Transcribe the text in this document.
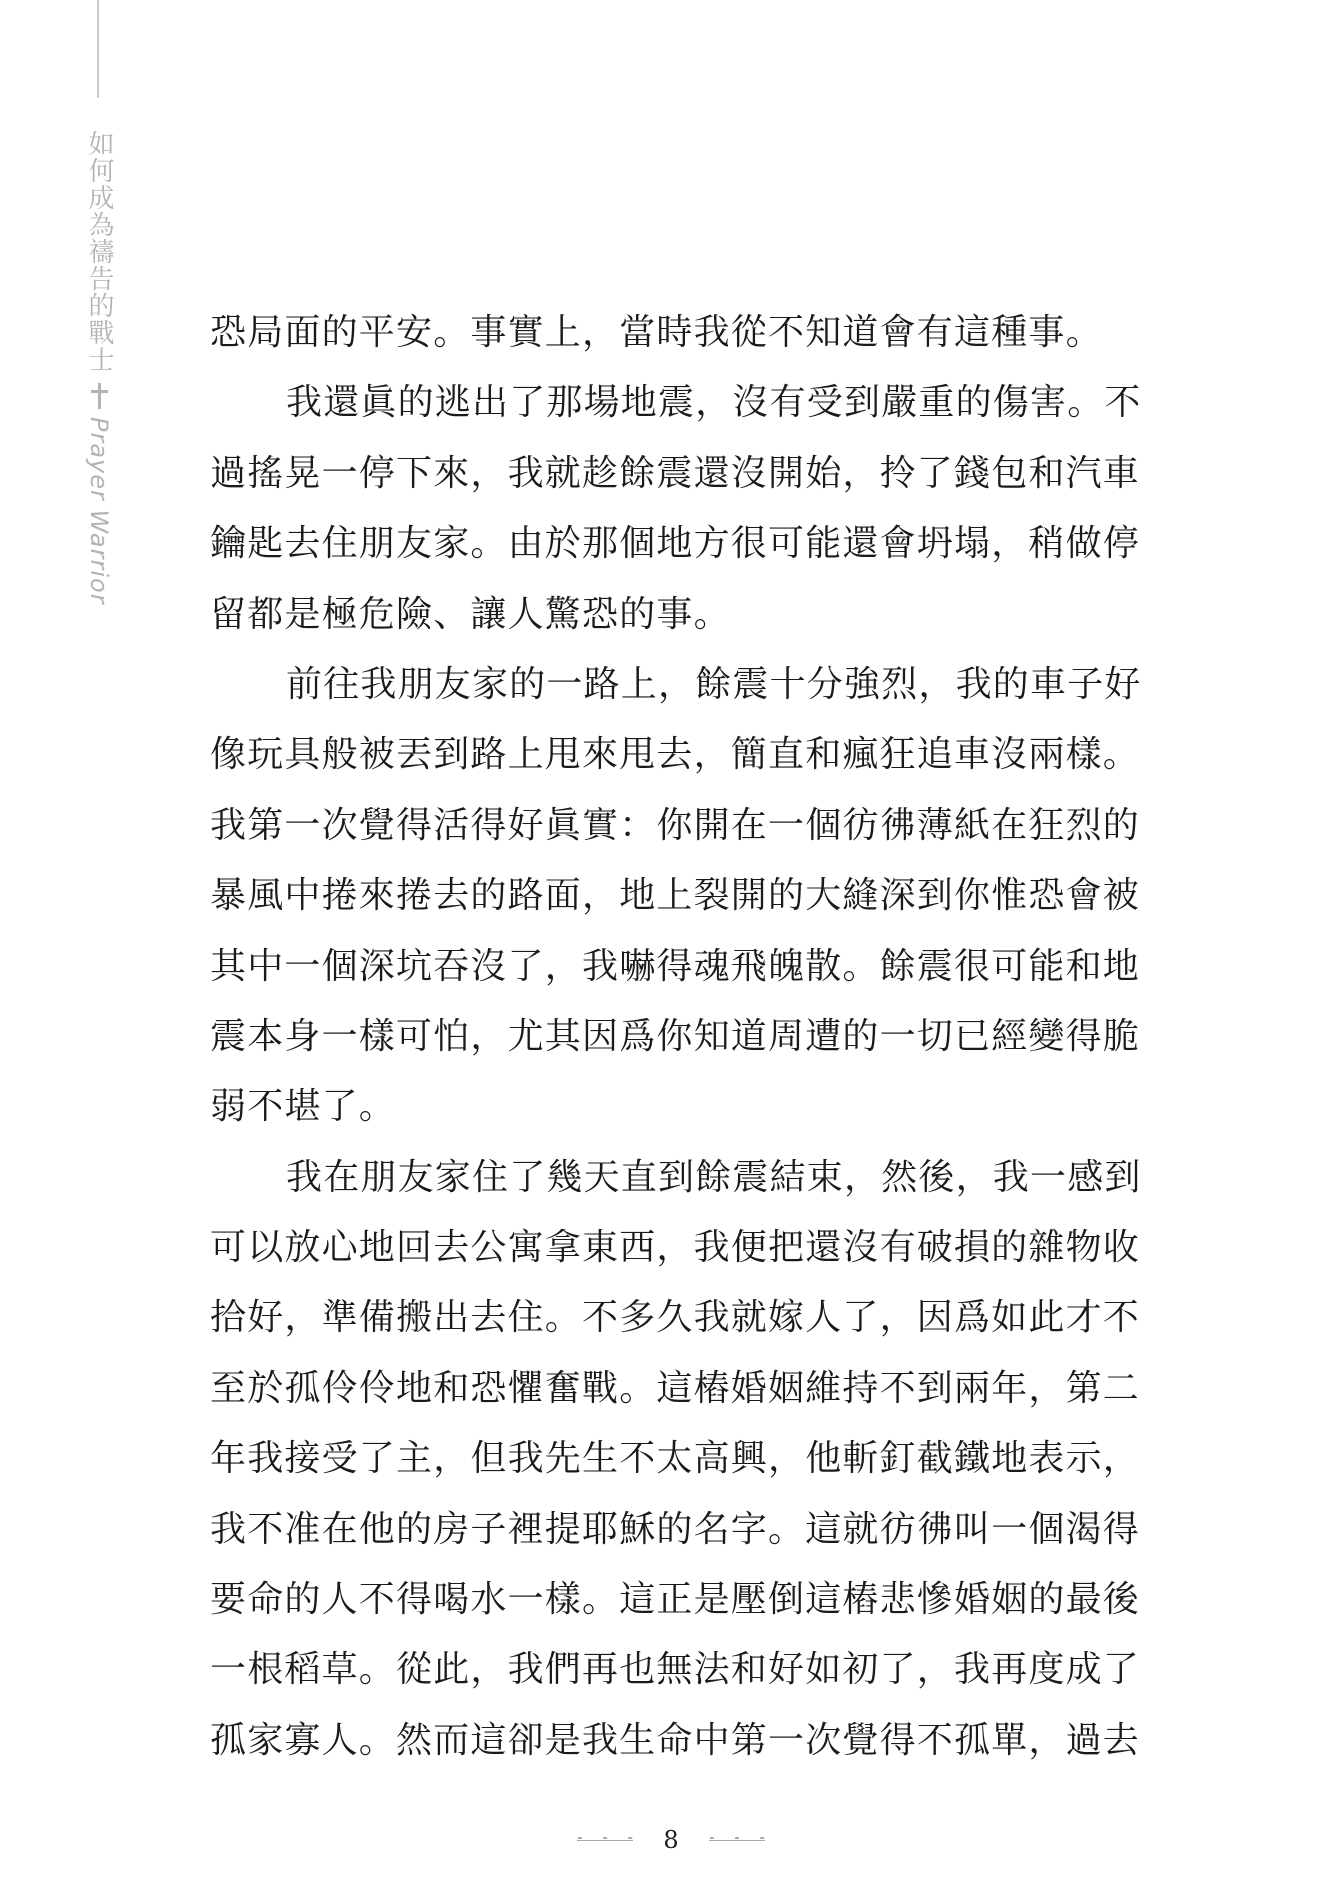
如何成為禱告的戰士
Prayer Warrior
恐局面的平安。事實上，當時我從不知道會有這種事。
我還眞的逃出了那場地震，沒有受到嚴重的傷害。不
過搖晃一停下來，我就趁餘震還沒開始，拎了錢包和汽車
鑰匙去住朋友家。由於那個地方很可能還會坍塌，稍做停
留都是極危險、讓人驚恐的事。
前往我朋友家的一路上，餘震十分強烈，我的車子好
像玩具般被丟到路上甩來甩去，簡直和瘋狂追車沒兩樣。
我第一次覺得活得好眞實：你開在一個彷彿薄紙在狂烈的
暴風中捲來捲去的路面，地上裂開的大縫深到你惟恐會被
其中一個深坑吞沒了，我嚇得魂飛魄散。餘震很可能和地
震本身一樣可怕，尤其因爲你知道周遭的一切已經變得脆
弱不堪了。
我在朋友家住了幾天直到餘震結束，然後，我一感到
可以放心地回去公寓拿東西，我便把還沒有破損的雜物收
拾好，準備搬出去住。不多久我就嫁人了，因爲如此才不
至於孤伶伶地和恐懼奮戰。這樁婚姻維持不到兩年，第二
年我接受了主，但我先生不太高興，他斬釘截鐵地表示，
我不准在他的房子裡提耶穌的名字。這就彷彿叫一個渴得
要命的人不得喝水一樣。這正是壓倒這樁悲慘婚姻的最後
一根稻草。從此，我們再也無法和好如初了，我再度成了
孤家寡人。然而這卻是我生命中第一次覺得不孤單，過去
8
